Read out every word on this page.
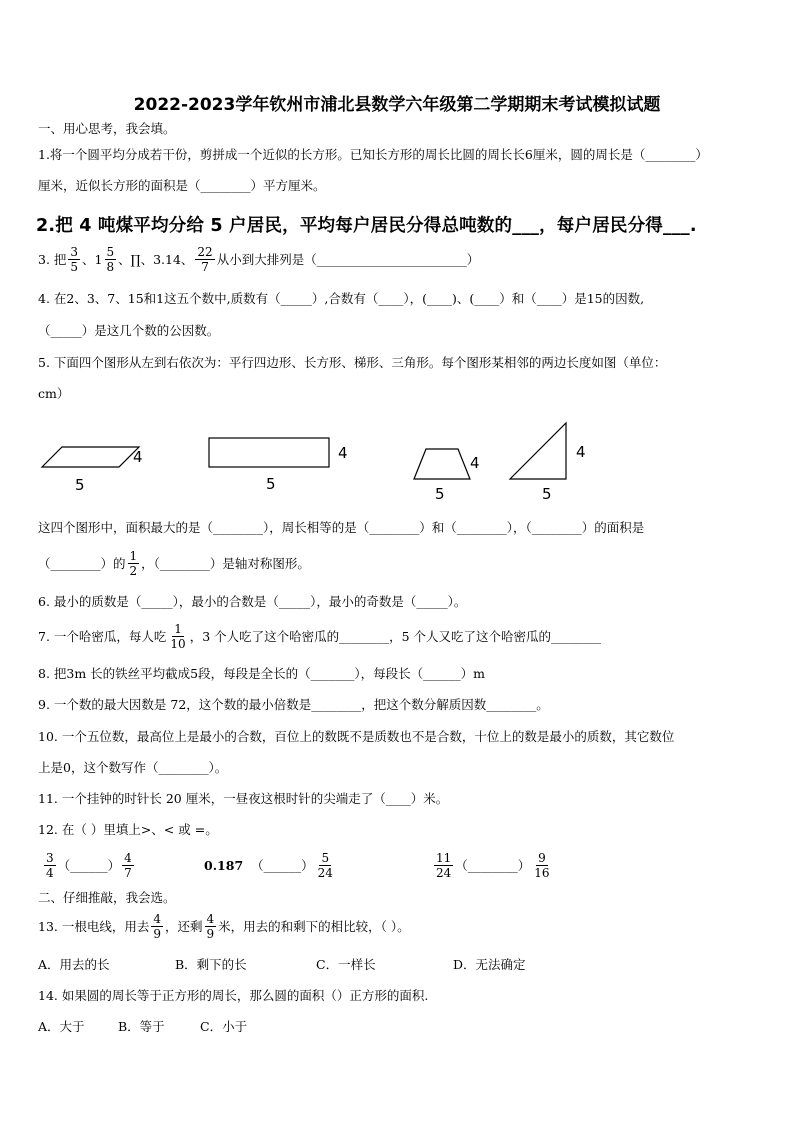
2022-2023学年钦州市浦北县数学六年级第二学期期末考试模拟试题
一、用心思考，我会填。
1.将一个圆平均分成若干份，剪拼成一个近似的长方形。已知长方形的周长比圆的周长长6厘米，圆的周长是（________）
厘米，近似长方形的面积是（________）平方厘米。
2.把 4 吨煤平均分给 5 户居民，平均每户居民分得总吨数的___，每户居民分得___.
3. 把 $\frac{3}{5}$ 、$1 \frac{5}{8}$ 、∏、3.14、 $\frac{22}{7}$ 从小到大排列是（________________________）
4. 在2、3、7、15和1这五个数中,质数有（_____）,合数有（____），(____)、(____）和（____）是15的因数,
（_____）是这几个数的公因数。
5. 下面四个图形从左到右依次为：平行四边形、长方形、梯形、三角形。每个图形某相邻的两边长度如图（单位：
cm）
4
5
4
5
4
5
4
5
这四个图形中，面积最大的是（________），周长相等的是（________）和（________），（________）的面积是
（________）的 $\frac{1}{2}$ ，（________）是轴对称图形。
6. 最小的质数是（_____），最小的合数是（_____），最小的奇数是（_____）。
7. 一个哈密瓜，每人吃 $\frac{1}{10}$ ，3 个人吃了这个哈密瓜的________，5 个人又吃了这个哈密瓜的________
8. 把3m 长的铁丝平均截成5段，每段是全长的（_______），每段长（______）m
9. 一个数的最大因数是 72，这个数的最小倍数是________，把这个数分解质因数________。
10. 一个五位数，最高位上是最小的合数，百位上的数既不是质数也不是合数，十位上的数是最小的质数，其它数位
上是0，这个数写作（________）。
11. 一个挂钟的时针长 20 厘米，一昼夜这根时针的尖端走了（____）米。
12. 在（ ）里填上>、< 或 =。
$\frac{3}{4}$ （______） $\frac{4}{7}$	0.187 （______） $\frac{5}{24}$	$\frac{11}{24}$ （________） $\frac{9}{16}$
二、仔细推敲，我会选。
13. 一根电线，用去 $\frac{4}{9}$ ，还剩 $\frac{4}{9}$ 米，用去的和剩下的相比较，（ ）。
A．用去的长	B．剩下的长	C．一样长	D．无法确定
14. 如果圆的周长等于正方形的周长，那么圆的面积（）正方形的面积.
A．大于	B．等于	C．小于
